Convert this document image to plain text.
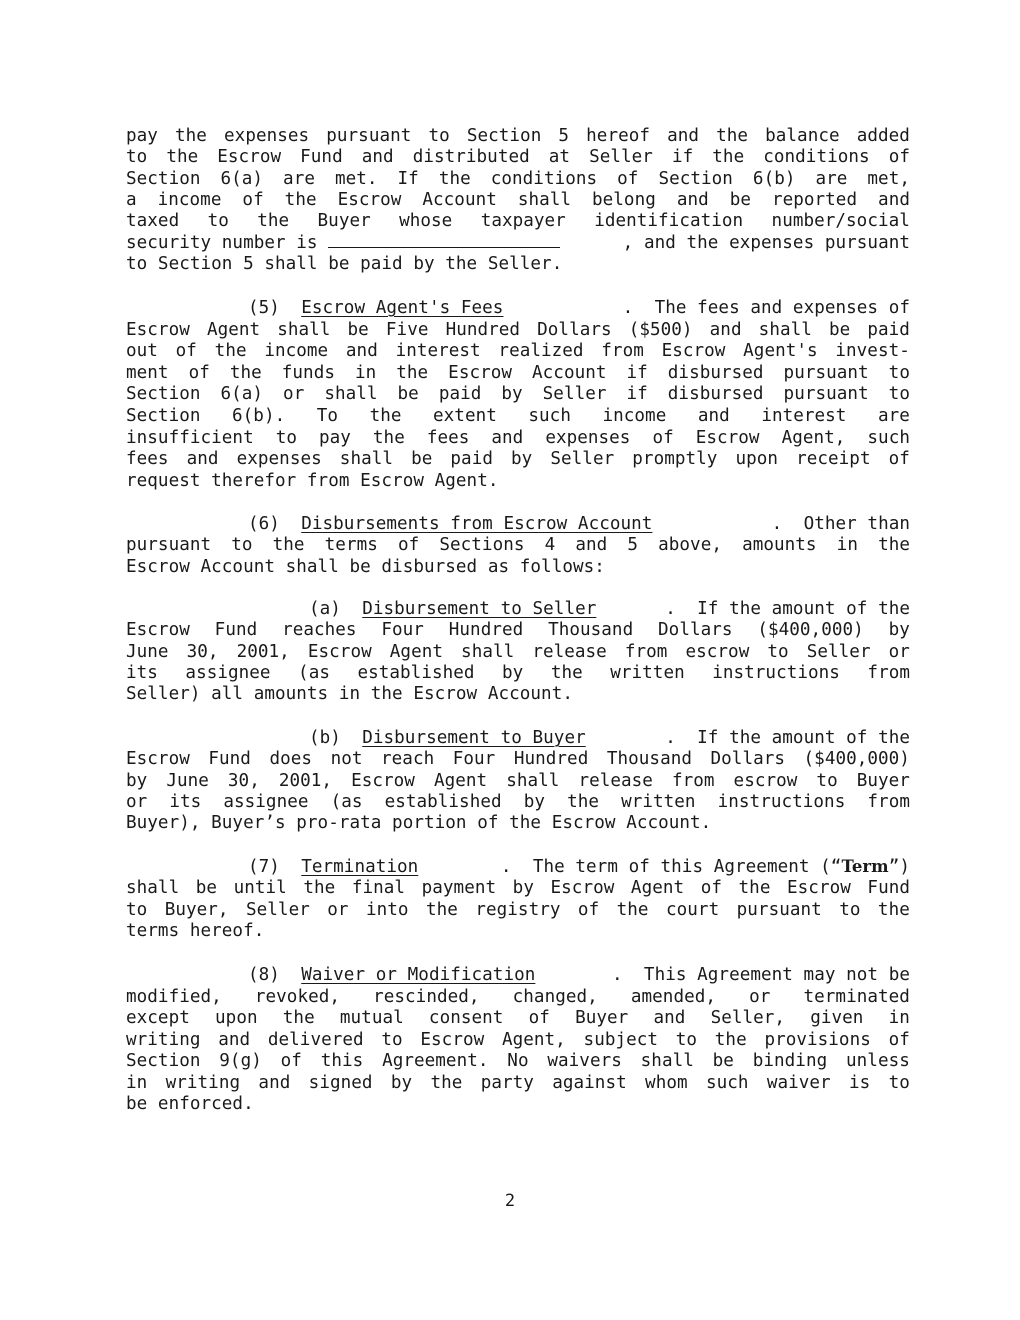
pay the expenses pursuant to Section 5 hereof and the balance added
to the Escrow Fund and distributed at Seller if the conditions of
Section 6(a) are met. If the conditions of Section 6(b) are met,
a income of the Escrow Account shall belong and be reported and
taxed to the Buyer whose taxpayer identification number/social
security number is	, and the expenses pursuant
to Section 5 shall be paid by the Seller.
(5) Escrow Agent's Fees	.  The fees and expenses of
Escrow Agent shall be Five Hundred Dollars ($500) and shall be paid
out of the income and interest realized from Escrow Agent's invest-
ment of the funds in the Escrow Account if disbursed pursuant to
Section 6(a) or shall be paid by Seller if disbursed pursuant to
Section 6(b). To the extent such income and interest are
insufficient to pay the fees and expenses of Escrow Agent, such
fees and expenses shall be paid by Seller promptly upon receipt of
request therefor from Escrow Agent.
(6) Disbursements from Escrow Account	.  Other than
pursuant to the terms of Sections 4 and 5 above, amounts in the
Escrow Account shall be disbursed as follows:
(a) Disbursement to Seller	.  If the amount of the
Escrow Fund reaches Four Hundred Thousand Dollars ($400,000) by
June 30, 2001, Escrow Agent shall release from escrow to Seller or
its assignee (as established by the written instructions from
Seller) all amounts in the Escrow Account.
(b) Disbursement to Buyer	.  If the amount of the
Escrow Fund does not reach Four Hundred Thousand Dollars ($400,000)
by June 30, 2001, Escrow Agent shall release from escrow to Buyer
or its assignee (as established by the written instructions from
Buyer), Buyer’s pro-rata portion of the Escrow Account.
(7) Termination	.  The term of this Agreement (“Term”)
shall be until the final payment by Escrow Agent of the Escrow Fund
to Buyer, Seller or into the registry of the court pursuant to the
terms hereof.
(8) Waiver or Modification	.  This Agreement may not be
modified, revoked, rescinded, changed, amended, or terminated
except upon the mutual consent of Buyer and Seller, given in
writing and delivered to Escrow Agent, subject to the provisions of
Section 9(g) of this Agreement. No waivers shall be binding unless
in writing and signed by the party against whom such waiver is to
be enforced.
2
